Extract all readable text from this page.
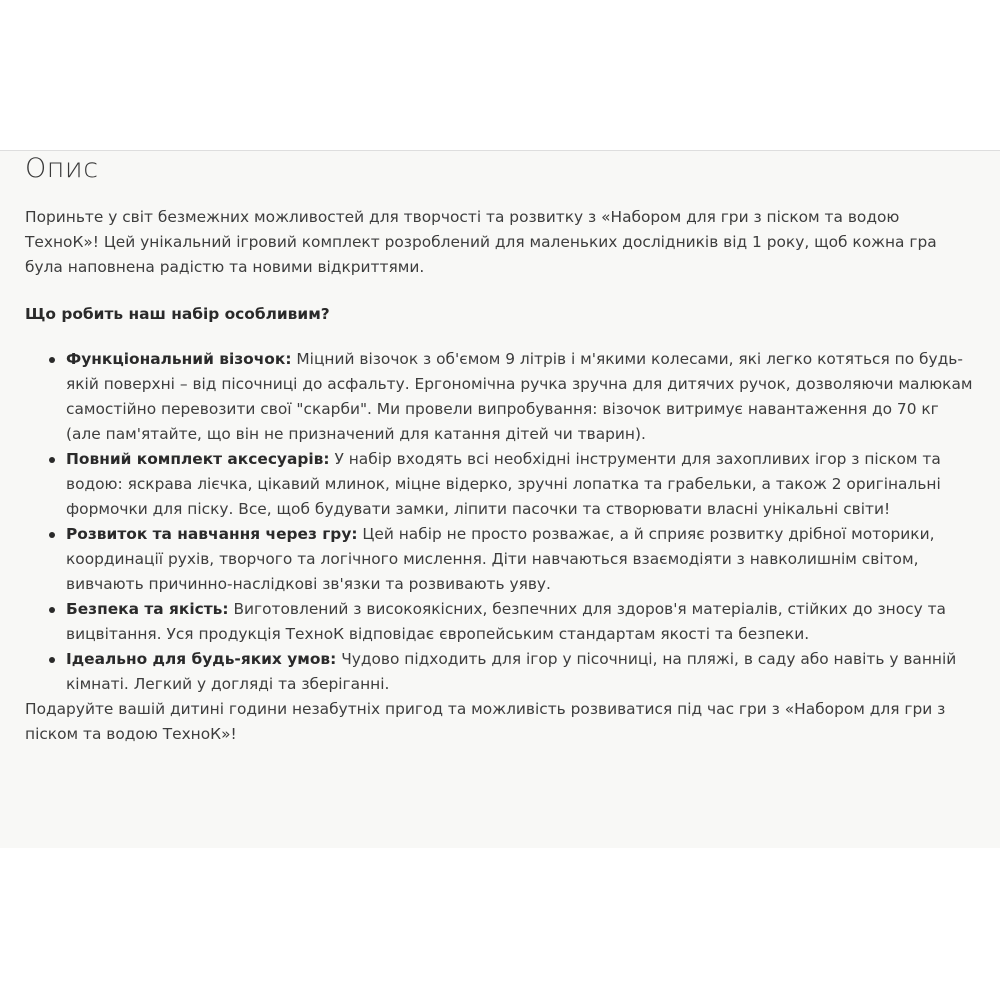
Опис

Пориньте у світ безмежних можливостей для творчості та розвитку з «Набором для гри з піском та водою ТехноК»! Цей унікальний ігровий комплект розроблений для маленьких дослідників від 1 року, щоб кожна гра була наповнена радістю та новими відкриттями.

Що робить наш набір особливим?

Функціональний візочок: Міцний візочок з об'ємом 9 літрів і м'якими колесами, які легко котяться по будь-якій поверхні – від пісочниці до асфальту. Ергономічна ручка зручна для дитячих ручок, дозволяючи малюкам самостійно перевозити свої "скарби". Ми провели випробування: візочок витримує навантаження до 70 кг (але пам'ятайте, що він не призначений для катання дітей чи тварин).
Повний комплект аксесуарів: У набір входять всі необхідні інструменти для захопливих ігор з піском та водою: яскрава лієчка, цікавий млинок, міцне відерко, зручні лопатка та грабельки, а також 2 оригінальні формочки для піску. Все, щоб будувати замки, ліпити пасочки та створювати власні унікальні світи!
Розвиток та навчання через гру: Цей набір не просто розважає, а й сприяє розвитку дрібної моторики, координації рухів, творчого та логічного мислення. Діти навчаються взаємодіяти з навколишнім світом, вивчають причинно-наслідкові зв'язки та розвивають уяву.
Безпека та якість: Виготовлений з високоякісних, безпечних для здоров'я матеріалів, стійких до зносу та вицвітання. Уся продукція ТехноК відповідає європейським стандартам якості та безпеки.
Ідеально для будь-яких умов: Чудово підходить для ігор у пісочниці, на пляжі, в саду або навіть у ванній кімнаті. Легкий у догляді та зберіганні.

Подаруйте вашій дитині години незабутніх пригод та можливість розвиватися під час гри з «Набором для гри з піском та водою ТехноК»!
